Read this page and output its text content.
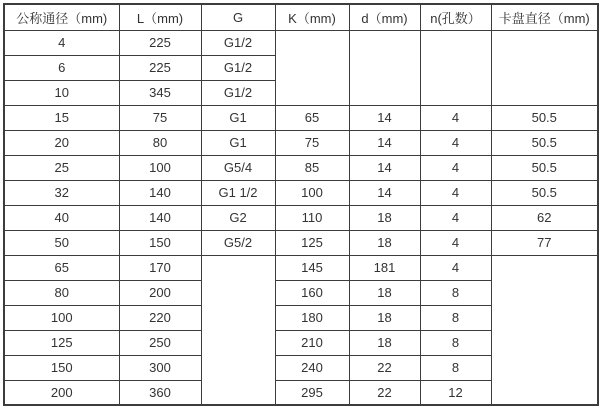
公称通径（mm)	L（mm)	G	K（mm)	d（mm)	n(孔数）	卡盘直径（mm)
4	225	G1/2				
6	225	G1/2				
10	345	G1/2				
15	75	G1	65	14	4	50.5
20	80	G1	75	14	4	50.5
25	100	G5/4	85	14	4	50.5
32	140	G1 1/2	100	14	4	50.5
40	140	G2	110	18	4	62
50	150	G5/2	125	18	4	77
65	170		145	181	4	
80	200		160	18	8	
100	220		180	18	8	
125	250		210	18	8	
150	300		240	22	8	
200	360		295	22	12	
